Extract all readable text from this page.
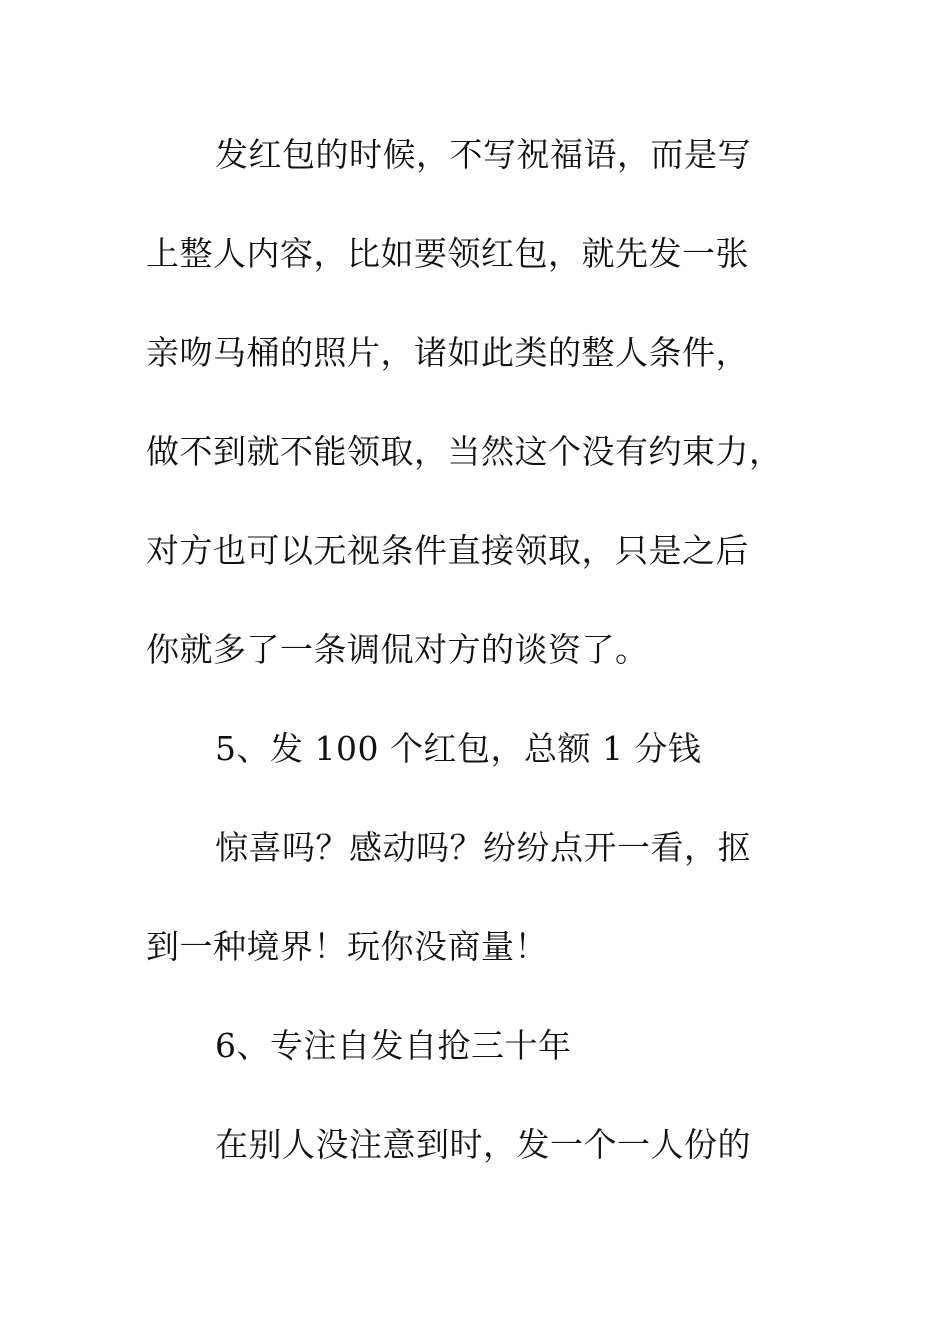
发红包的时候，不写祝福语，而是写

上整人内容，比如要领红包，就先发一张

亲吻马桶的照片，诸如此类的整人条件，

做不到就不能领取，当然这个没有约束力，

对方也可以无视条件直接领取，只是之后

你就多了一条调侃对方的谈资了。

5、发 100 个红包，总额 1 分钱

惊喜吗？感动吗？纷纷点开一看，抠

到一种境界！玩你没商量！

6、专注自发自抢三十年

在别人没注意到时，发一个一人份的
